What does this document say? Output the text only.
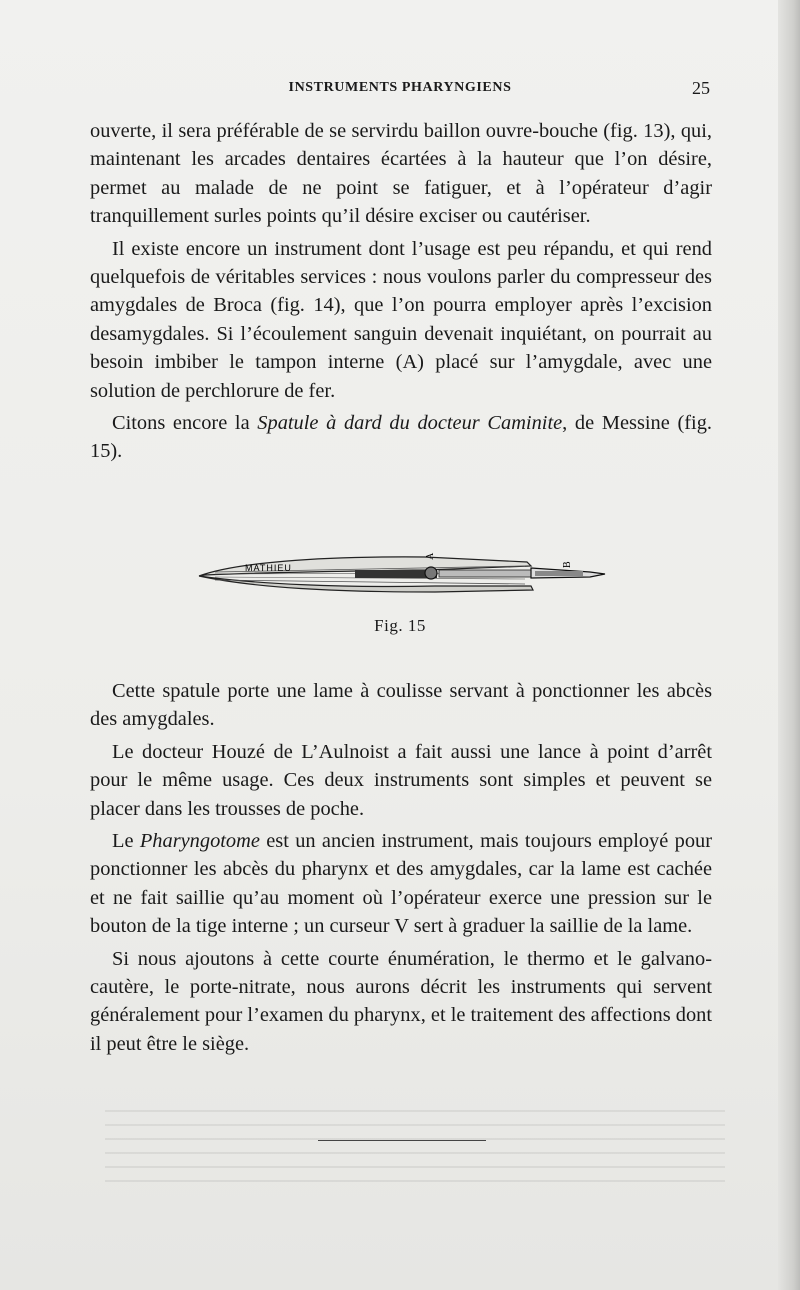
INSTRUMENTS PHARYNGIENS	25

ouverte, il sera préférable de se servirdu baillon ouvre-bouche (fig. 13), qui, maintenant les arcades dentaires écartées à la hauteur que l’on désire, permet au malade de ne point se fatiguer, et à l’opérateur d’agir tranquillement surles points qu’il désire exciser ou cautériser.

Il existe encore un instrument dont l’usage est peu répandu, et qui rend quelquefois de véritables services : nous voulons parler du compresseur des amygdales de Broca (fig. 14), que l’on pourra employer après l’excision desamygdales. Si l’écoulement sanguin devenait inquiétant, on pourrait au besoin imbiber le tampon interne (A) placé sur l’amygdale, avec une solution de perchlorure de fer.

Citons encore la Spatule à dard du docteur Caminite, de Messine (fig. 15).

MATHIEU
A
B
Fig. 15

Cette spatule porte une lame à coulisse servant à ponctionner les abcès des amygdales.

Le docteur Houzé de L’Aulnoist a fait aussi une lance à point d’arrêt pour le même usage. Ces deux instruments sont simples et peuvent se placer dans les trousses de poche.

Le Pharyngotome est un ancien instrument, mais toujours employé pour ponctionner les abcès du pharynx et des amygdales, car la lame est cachée et ne fait saillie qu’au moment où l’opérateur exerce une pression sur le bouton de la tige interne ; un curseur V sert à graduer la saillie de la lame.

Si nous ajoutons à cette courte énumération, le thermo et le galvano-cautère, le porte-nitrate, nous aurons décrit les instruments qui servent généralement pour l’examen du pharynx, et le traitement des affections dont il peut être le siège.
